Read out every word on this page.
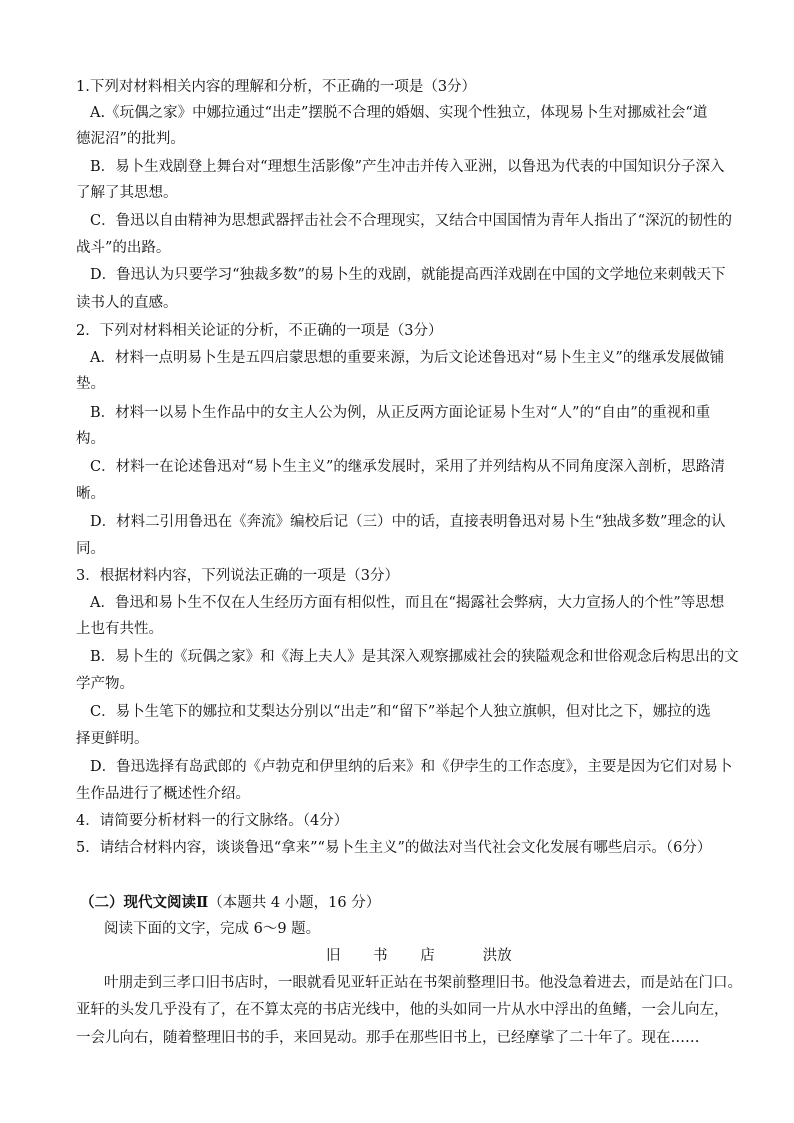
1.下列对材料相关内容的理解和分析，不正确的一项是（3分）
A.《玩偶之家》中娜拉通过“出走”摆脱不合理的婚姻、实现个性独立，体现易卜生对挪威社会“道
德泥沼”的批判。
B．易卜生戏剧登上舞台对“理想生活影像”产生冲击并传入亚洲，以鲁迅为代表的中国知识分子深入
了解了其思想。
C．鲁迅以自由精神为思想武器抨击社会不合理现实，又结合中国国情为青年人指出了“深沉的韧性的
战斗”的出路。
D．鲁迅认为只要学习“独裁多数”的易卜生的戏剧，就能提高西洋戏剧在中国的文学地位来刺戟天下
读书人的直感。
2．下列对材料相关论证的分析，不正确的一项是（3分）
A．材料一点明易卜生是五四启蒙思想的重要来源，为后文论述鲁迅对“易卜生主义”的继承发展做铺
垫。
B．材料一以易卜生作品中的女主人公为例，从正反两方面论证易卜生对“人”的“自由”的重视和重
构。
C．材料一在论述鲁迅对“易卜生主义”的继承发展时，采用了并列结构从不同角度深入剖析，思路清
晰。
D．材料二引用鲁迅在《奔流》编校后记（三）中的话，直接表明鲁迅对易卜生“独战多数”理念的认
同。
3．根据材料内容，下列说法正确的一项是（3分）
A．鲁迅和易卜生不仅在人生经历方面有相似性，而且在“揭露社会弊病，大力宣扬人的个性”等思想
上也有共性。
B．易卜生的《玩偶之家》和《海上夫人》是其深入观察挪威社会的狭隘观念和世俗观念后构思出的文
学产物。
C．易卜生笔下的娜拉和艾梨达分别以“出走”和“留下”举起个人独立旗帜，但对比之下，娜拉的选
择更鲜明。
D．鲁迅选择有岛武郎的《卢勃克和伊里纳的后来》和《伊孛生的工作态度》，主要是因为它们对易卜
生作品进行了概述性介绍。
4．请简要分析材料一的行文脉络。（4分）
5．请结合材料内容，谈谈鲁迅“拿来”“易卜生主义”的做法对当代社会文化发展有哪些启示。（6分）
（二）现代文阅读Ⅱ（本题共 4 小题，16 分）
阅读下面的文字，完成 6～9 题。
旧 书 店 洪放
叶朋走到三孝口旧书店时，一眼就看见亚轩正站在书架前整理旧书。他没急着进去，而是站在门口。
亚轩的头发几乎没有了，在不算太亮的书店光线中，他的头如同一片从水中浮出的鱼鳍，一会儿向左，
一会儿向右，随着整理旧书的手，来回晃动。那手在那些旧书上，已经摩挲了二十年了。现在……
